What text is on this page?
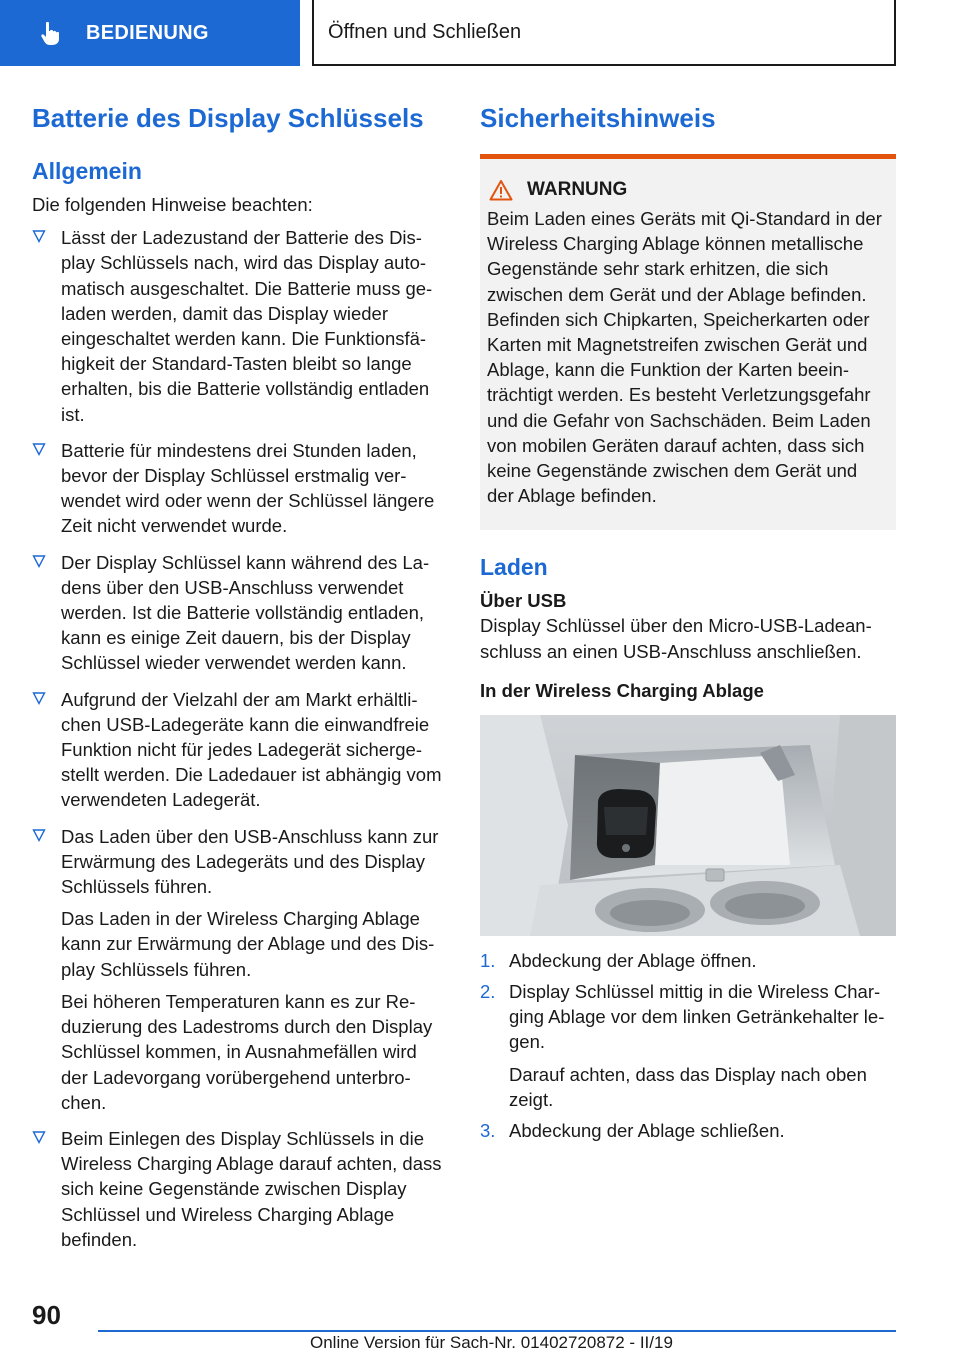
BEDIENUNG	Öffnen und Schließen
Batterie des Display Schlüssels
Allgemein

Die folgenden Hinweise beachten:

Lässt der Ladezustand der Batterie des Display Schlüssels nach, wird das Display automatisch ausgeschaltet. Die Batterie muss geladen werden, damit das Display wieder eingeschaltet werden kann. Die Funktionsfähigkeit der Standard-Tasten bleibt so lange erhalten, bis die Batterie vollständig entladen ist.
Batterie für mindestens drei Stunden laden, bevor der Display Schlüssel erstmalig verwendet wird oder wenn der Schlüssel längere Zeit nicht verwendet wurde.
Der Display Schlüssel kann während des Ladens über den USB-Anschluss verwendet werden. Ist die Batterie vollständig entladen, kann es einige Zeit dauern, bis der Display Schlüssel wieder verwendet werden kann.
Aufgrund der Vielzahl der am Markt erhältlichen USB-Ladegeräte kann die einwandfreie Funktion nicht für jedes Ladegerät sichergestellt werden. Die Ladedauer ist abhängig vom verwendeten Ladegerät.
Das Laden über den USB-Anschluss kann zur Erwärmung des Ladegeräts und des Display Schlüssels führen.
Das Laden in der Wireless Charging Ablage kann zur Erwärmung der Ablage und des Display Schlüssels führen.
Bei höheren Temperaturen kann es zur Reduzierung des Ladestroms durch den Display Schlüssel kommen, in Ausnahmefällen wird der Ladevorgang vorübergehend unterbrochen.
Beim Einlegen des Display Schlüssels in die Wireless Charging Ablage darauf achten, dass sich keine Gegenstände zwischen Display Schlüssel und Wireless Charging Ablage befinden.
Sicherheitshinweis
WARNUNG

Beim Laden eines Geräts mit Qi-Standard in der Wireless Charging Ablage können metallische Gegenstände sehr stark erhitzen, die sich zwischen dem Gerät und der Ablage befinden. Befinden sich Chipkarten, Speicherkarten oder Karten mit Magnetstreifen zwischen Gerät und Ablage, kann die Funktion der Karten beeinträchtigt werden. Es besteht Verletzungsgefahr und die Gefahr von Sachschäden. Beim Laden von mobilen Geräten darauf achten, dass sich keine Gegenstände zwischen dem Gerät und der Ablage befinden.

Laden
Über USB

Display Schlüssel über den Micro-USB-Ladeanschluss an einen USB-Anschluss anschließen.

In der Wireless Charging Ablage
1. Abdeckung der Ablage öffnen.
2. Display Schlüssel mittig in die Wireless Charging Ablage vor dem linken Getränkehalter legen.
Darauf achten, dass das Display nach oben zeigt.
3. Abdeckung der Ablage schließen.
90
Online Version für Sach-Nr. 01402720872 - II/19
